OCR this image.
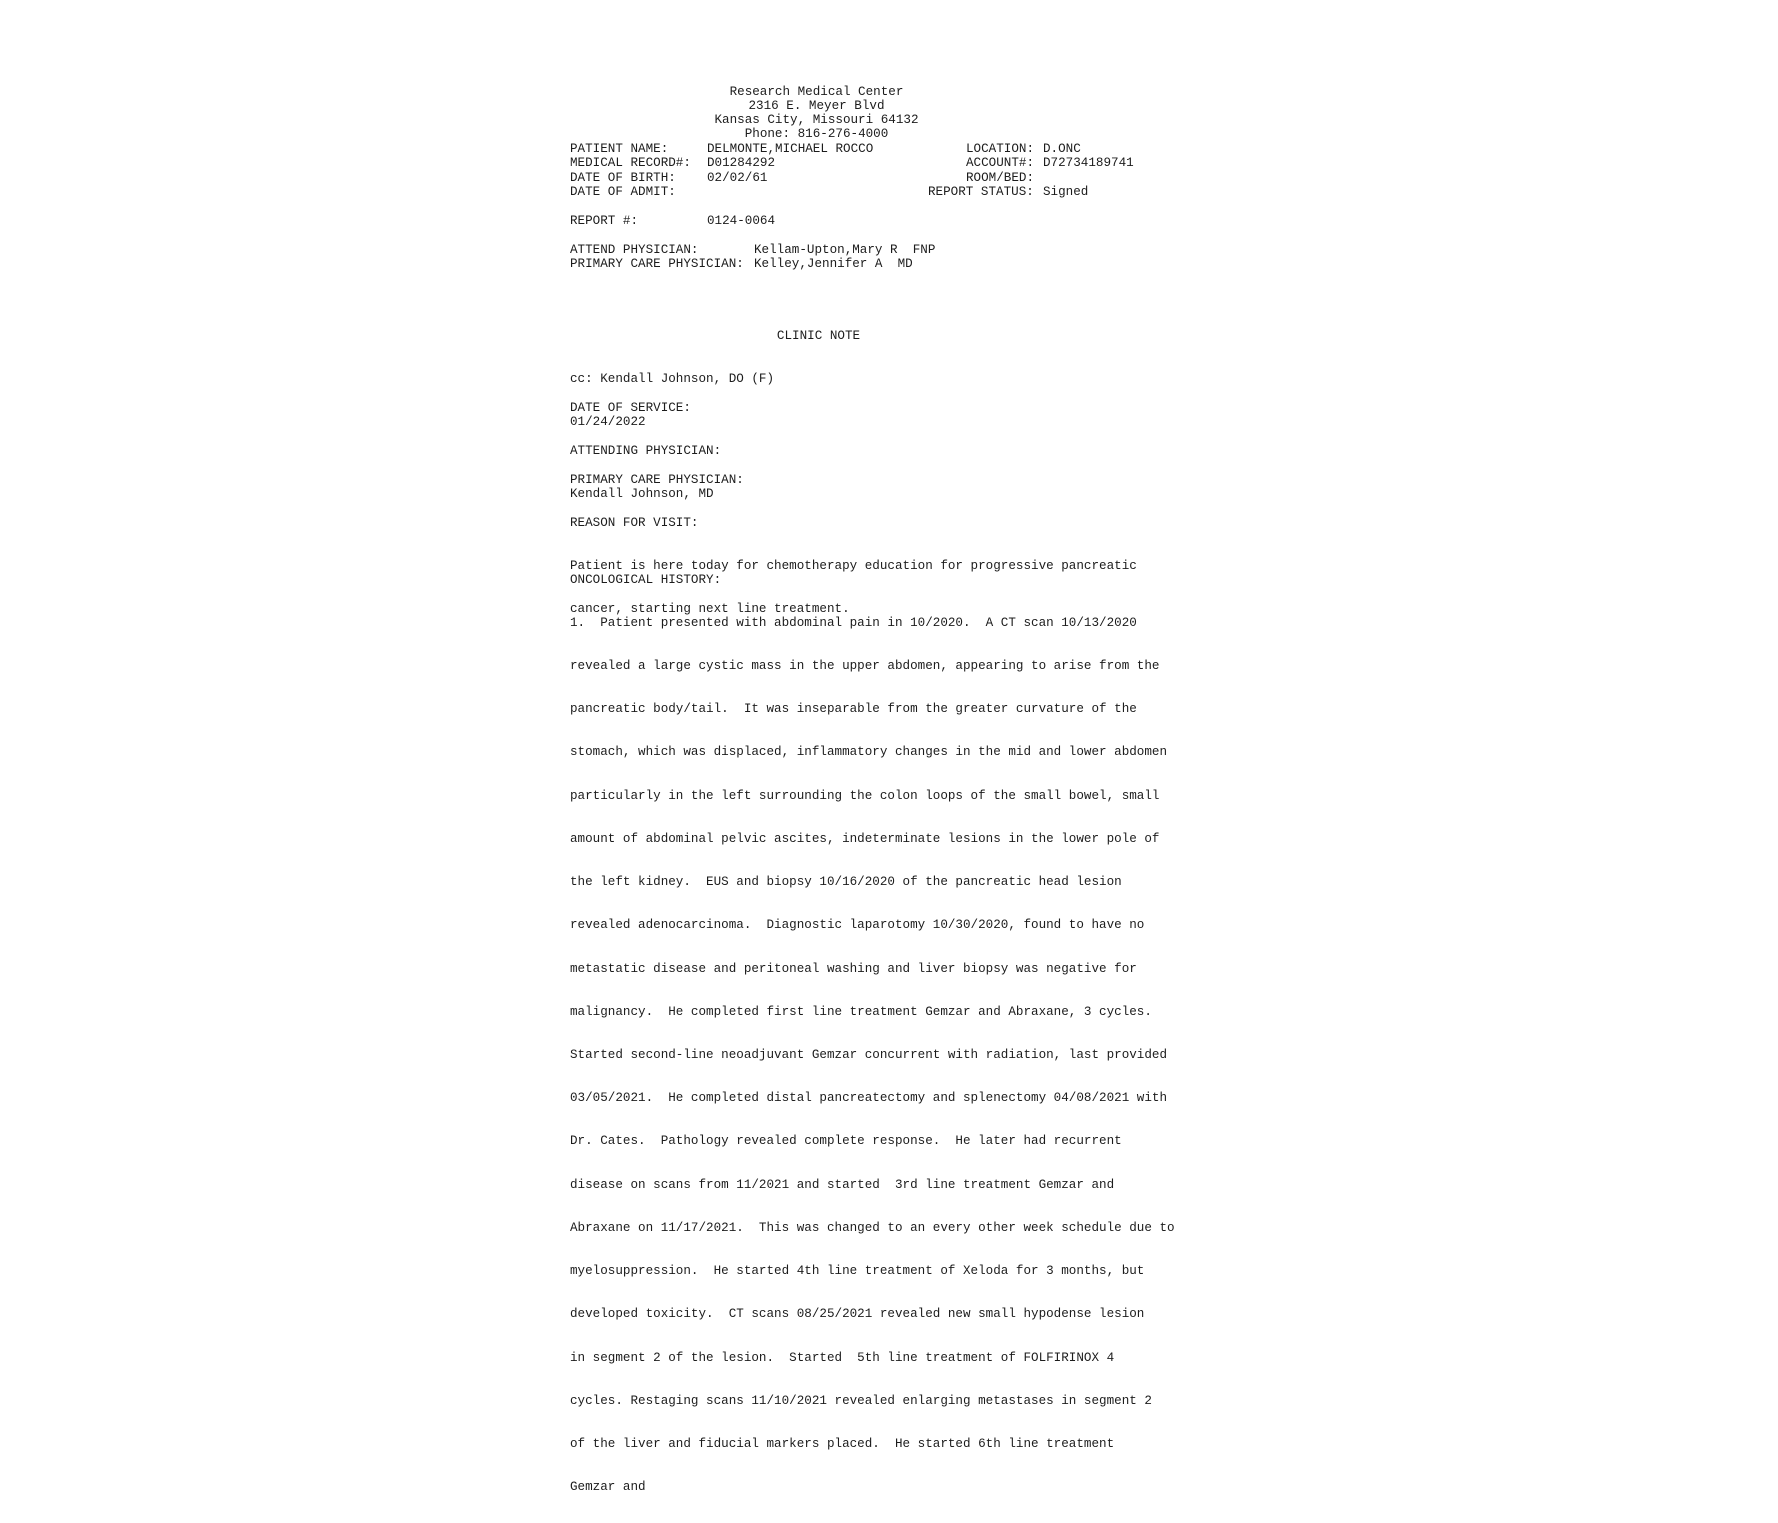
Research Medical Center
2316 E. Meyer Blvd
Kansas City, Missouri 64132
Phone: 816-276-4000
PATIENT NAME:	DELMONTE,MICHAEL ROCCO
MEDICAL RECORD#: D01284292
DATE OF BIRTH: 02/02/61
DATE OF ADMIT:
LOCATION: D.ONC
ACCOUNT#: D72734189741
ROOM/BED:
REPORT STATUS: Signed
REPORT #:	0124-0064
ATTEND PHYSICIAN:	Kellam-Upton,Mary R  FNP
PRIMARY CARE PHYSICIAN: Kelley,Jennifer A  MD
CLINIC NOTE
cc: Kendall Johnson, DO (F)
DATE OF SERVICE:
01/24/2022
ATTENDING PHYSICIAN:
PRIMARY CARE PHYSICIAN:
Kendall Johnson, MD
REASON FOR VISIT:

Patient is here today for chemotherapy education for progressive pancreatic

cancer, starting next line treatment.

ONCOLOGICAL HISTORY:

1.  Patient presented with abdominal pain in 10/2020.  A CT scan 10/13/2020

revealed a large cystic mass in the upper abdomen, appearing to arise from the

pancreatic body/tail.  It was inseparable from the greater curvature of the

stomach, which was displaced, inflammatory changes in the mid and lower abdomen

particularly in the left surrounding the colon loops of the small bowel, small

amount of abdominal pelvic ascites, indeterminate lesions in the lower pole of

the left kidney.  EUS and biopsy 10/16/2020 of the pancreatic head lesion

revealed adenocarcinoma.  Diagnostic laparotomy 10/30/2020, found to have no

metastatic disease and peritoneal washing and liver biopsy was negative for

malignancy.  He completed first line treatment Gemzar and Abraxane, 3 cycles.

Started second-line neoadjuvant Gemzar concurrent with radiation, last provided

03/05/2021.  He completed distal pancreatectomy and splenectomy 04/08/2021 with

Dr. Cates.  Pathology revealed complete response.  He later had recurrent

disease on scans from 11/2021 and started  3rd line treatment Gemzar and

Abraxane on 11/17/2021.  This was changed to an every other week schedule due to

myelosuppression.  He started 4th line treatment of Xeloda for 3 months, but

developed toxicity.  CT scans 08/25/2021 revealed new small hypodense lesion

in segment 2 of the lesion.  Started  5th line treatment of FOLFIRINOX 4

cycles. Restaging scans 11/10/2021 revealed enlarging metastases in segment 2

of the liver and fiducial markers placed.  He started 6th line treatment

Gemzar and
